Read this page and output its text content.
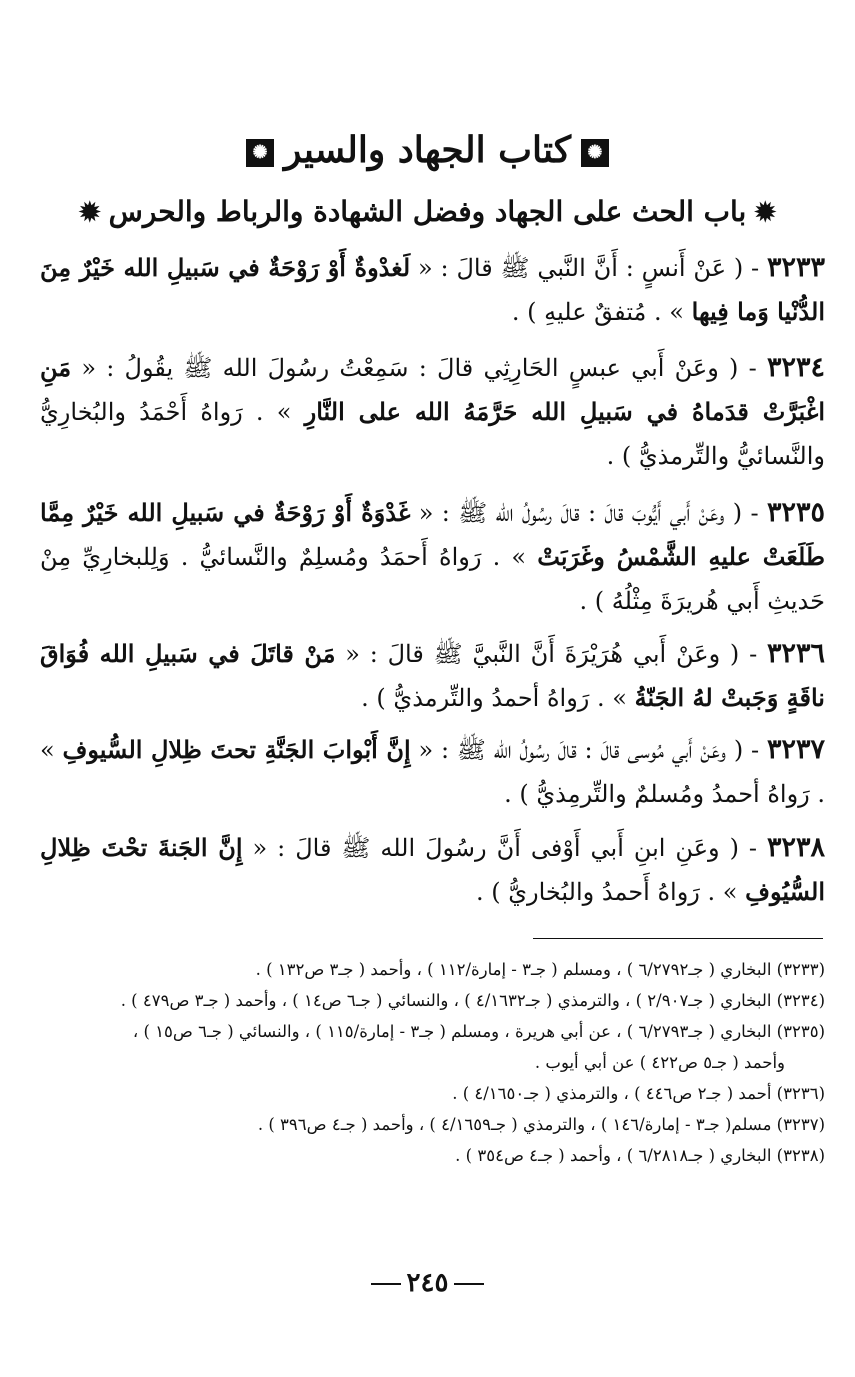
✺كتاب الجهاد والسير✺
✹باب الحث على الجهاد وفضل الشهادة والرباط والحرس✹
٣٢٣٣ - ( عَنْ أَنسٍ : أَنَّ النَّبي ﷺ قالَ : « لَغدْوةٌ أَوْ رَوْحَةٌ في سَبيلِ الله خَيْرٌ مِنَ الدُّنْيا وَما فِيها » . مُتفقٌ عليهِ ) .
٣٢٣٤ - ( وعَنْ أَبي عبسٍ الحَارِثِي قالَ : سَمِعْتُ رسُولَ الله ﷺ يقُولُ : « مَنِ اغْبَرَّتْ قدَماهُ في سَبيلِ الله حَرَّمَهُ الله على النَّارِ » . رَواهُ أَحْمَدُ والبُخارِيُّ والنَّسائيُّ والتِّرمذيُّ ) .
٣٢٣٥ - ( وعَنْ أَبي أَيُّوبَ قالَ : قالَ رسُولُ الله ﷺ : « غَدْوَةٌ أَوْ رَوْحَةٌ في سَبيلِ الله خَيْرٌ مِمَّا طَلَعَتْ عليهِ الشَّمْسُ وغَرَبَتْ » . رَواهُ أَحمَدُ ومُسلِمٌ والنَّسائيُّ . وَلِلبخارِيِّ مِنْ حَديثِ أَبي هُريرَةَ مِثْلُهُ ) .
٣٢٣٦ - ( وعَنْ أَبي هُرَيْرَةَ أَنَّ النَّبيَّ ﷺ قالَ : « مَنْ قاتَلَ في سَبيلِ الله فُوَاقَ ناقَةٍ وَجَبتْ لهُ الجَنّةُ » . رَواهُ أحمدُ والتِّرمذيُّ ) .
٣٢٣٧ - ( وعَنْ أَبي مُوسى قالَ : قالَ رسُولُ الله ﷺ : « إِنَّ أَبْوابَ الجَنَّةِ تحتَ ظِلالِ السُّيوفِ » . رَواهُ أحمدُ ومُسلمٌ والتِّرمِذيُّ ) .
٣٢٣٨ - ( وعَنِ ابنِ أَبي أَوْفى أَنَّ رسُولَ الله ﷺ قالَ : « إِنَّ الجَنةَ تحْتَ ظِلالِ السُّيُوفِ » . رَواهُ أَحمدُ والبُخاريُّ ) .

(٣٢٣٣) البخاري ( جـ٦/٢٧٩٢ ) ، ومسلم ( جـ٣ - إمارة/١١٢ ) ، وأحمد ( جـ٣ ص١٣٢ ) .

(٣٢٣٤) البخاري ( جـ٢/٩٠٧ ) ، والترمذي ( جـ٤/١٦٣٢ ) ، والنسائي ( جـ٦ ص١٤ ) ، وأحمد ( جـ٣ ص٤٧٩ ) .

(٣٢٣٥) البخاري ( جـ٦/٢٧٩٣ ) ، عن أبي هريرة ، ومسلم ( جـ٣ - إمارة/١١٥ ) ، والنسائي ( جـ٦ ص١٥ ) ،

وأحمد ( جـ٥ ص٤٢٢ ) عن أبي أيوب .

(٣٢٣٦) أحمد ( جـ٢ ص٤٤٦ ) ، والترمذي ( جـ٤/١٦٥٠ ) .

(٣٢٣٧) مسلم( جـ٣ - إمارة/١٤٦ ) ، والترمذي ( جـ٤/١٦٥٩ ) ، وأحمد ( جـ٤ ص٣٩٦ ) .

(٣٢٣٨) البخاري ( جـ٦/٢٨١٨ ) ، وأحمد ( جـ٤ ص٣٥٤ ) .

٢٤٥
